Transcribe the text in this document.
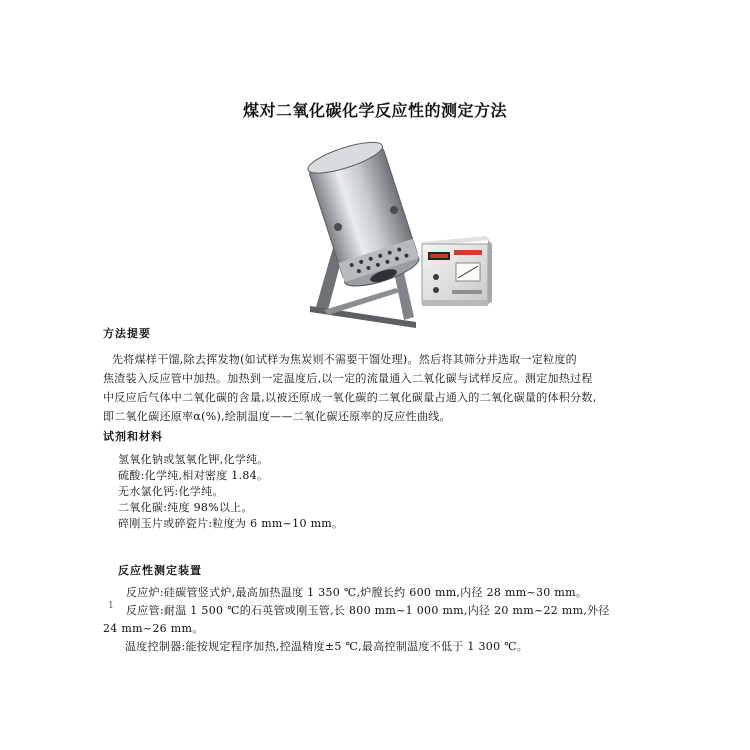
煤对二氧化碳化学反应性的测定方法
方法提要
先将煤样干馏,除去挥发物(如试样为焦炭则不需要干馏处理)。然后将其筛分并选取一定粒度的
焦渣装入反应管中加热。加热到一定温度后,以一定的流量通入二氧化碳与试样反应。测定加热过程
中反应后气体中二氧化碳的含量,以被还原成一氧化碳的二氧化碳量占通入的二氧化碳量的体积分数,
即二氧化碳还原率α(%),绘制温度——二氧化碳还原率的反应性曲线。
试剂和材料
氢氧化钠或氢氧化钾,化学纯。
硫酸:化学纯,相对密度 1.84。
无水氯化钙:化学纯。
二氧化碳:纯度 98%以上。
碎刚玉片或碎瓷片:粒度为 6 mm~10 mm。
反应性测定装置
1
反应炉:硅碳管竖式炉,最高加热温度 1 350 ℃,炉膛长约 600 mm,内径 28 mm~30 mm。
反应管:耐温 1 500 ℃的石英管或刚玉管,长 800 mm~1 000 mm,内径 20 mm~22 mm,外径
24 mm~26 mm。
温度控制器:能按规定程序加热,控温精度±5 ℃,最高控制温度不低于 1 300 ℃。
